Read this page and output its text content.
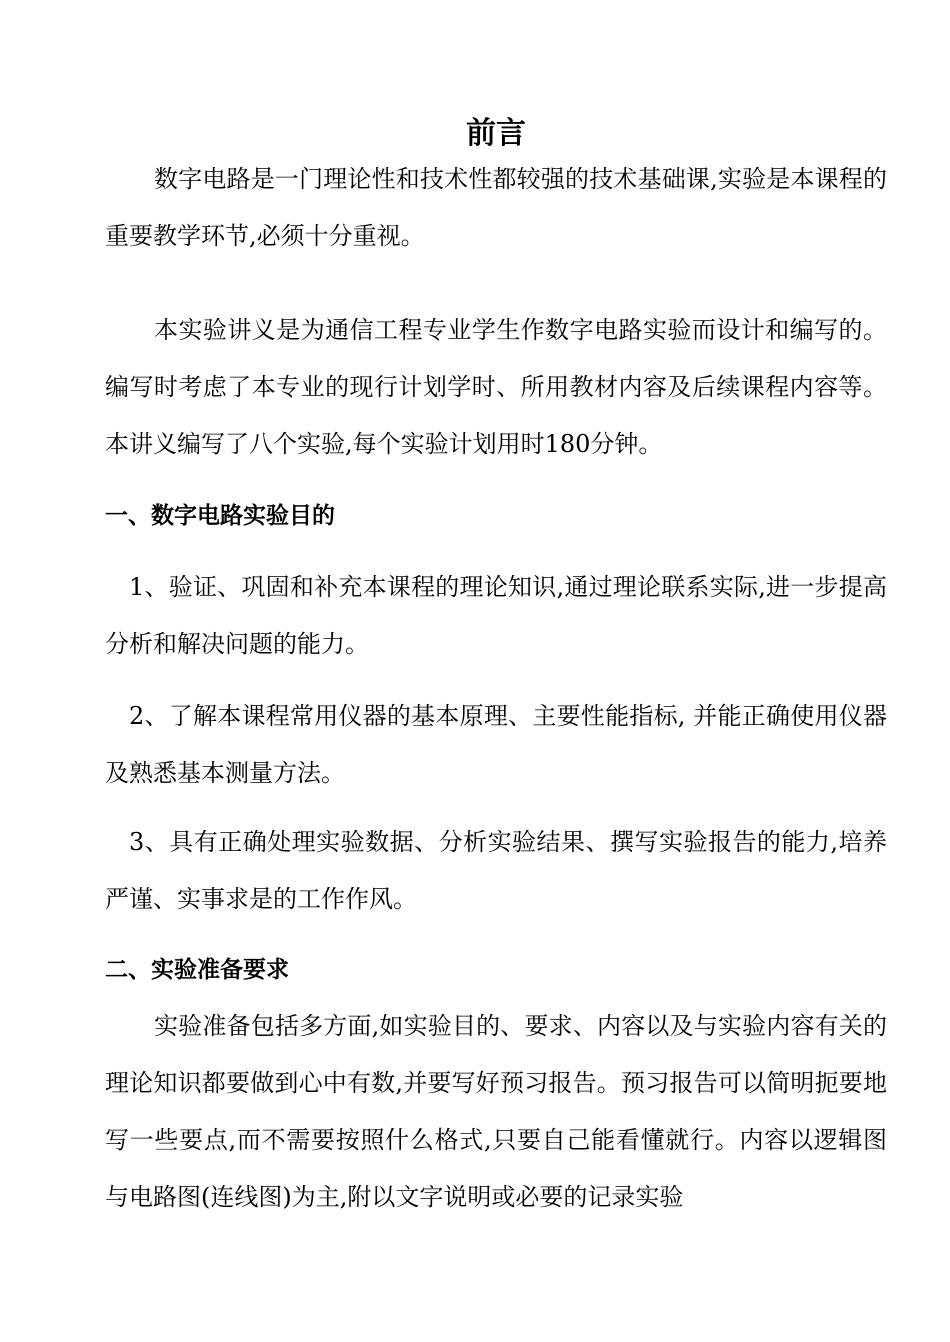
前言

数字电路是一门理论性和技术性都较强的技术基础课,实验是本课程的重要教学环节,必须十分重视。

本实验讲义是为通信工程专业学生作数字电路实验而设计和编写的。编写时考虑了本专业的现行计划学时、所用教材内容及后续课程内容等。本讲义编写了八个实验,每个实验计划用时180分钟。

一、数字电路实验目的

1、验证、巩固和补充本课程的理论知识,通过理论联系实际,进一步提高分析和解决问题的能力。

2、了解本课程常用仪器的基本原理、主要性能指标, 并能正确使用仪器及熟悉基本测量方法。

3、具有正确处理实验数据、分析实验结果、撰写实验报告的能力,培养严谨、实事求是的工作作风。

二、实验准备要求

实验准备包括多方面,如实验目的、要求、内容以及与实验内容有关的理论知识都要做到心中有数,并要写好预习报告。预习报告可以简明扼要地写一些要点,而不需要按照什么格式,只要自己能看懂就行。内容以逻辑图与电路图(连线图)为主,附以文字说明或必要的记录实验
